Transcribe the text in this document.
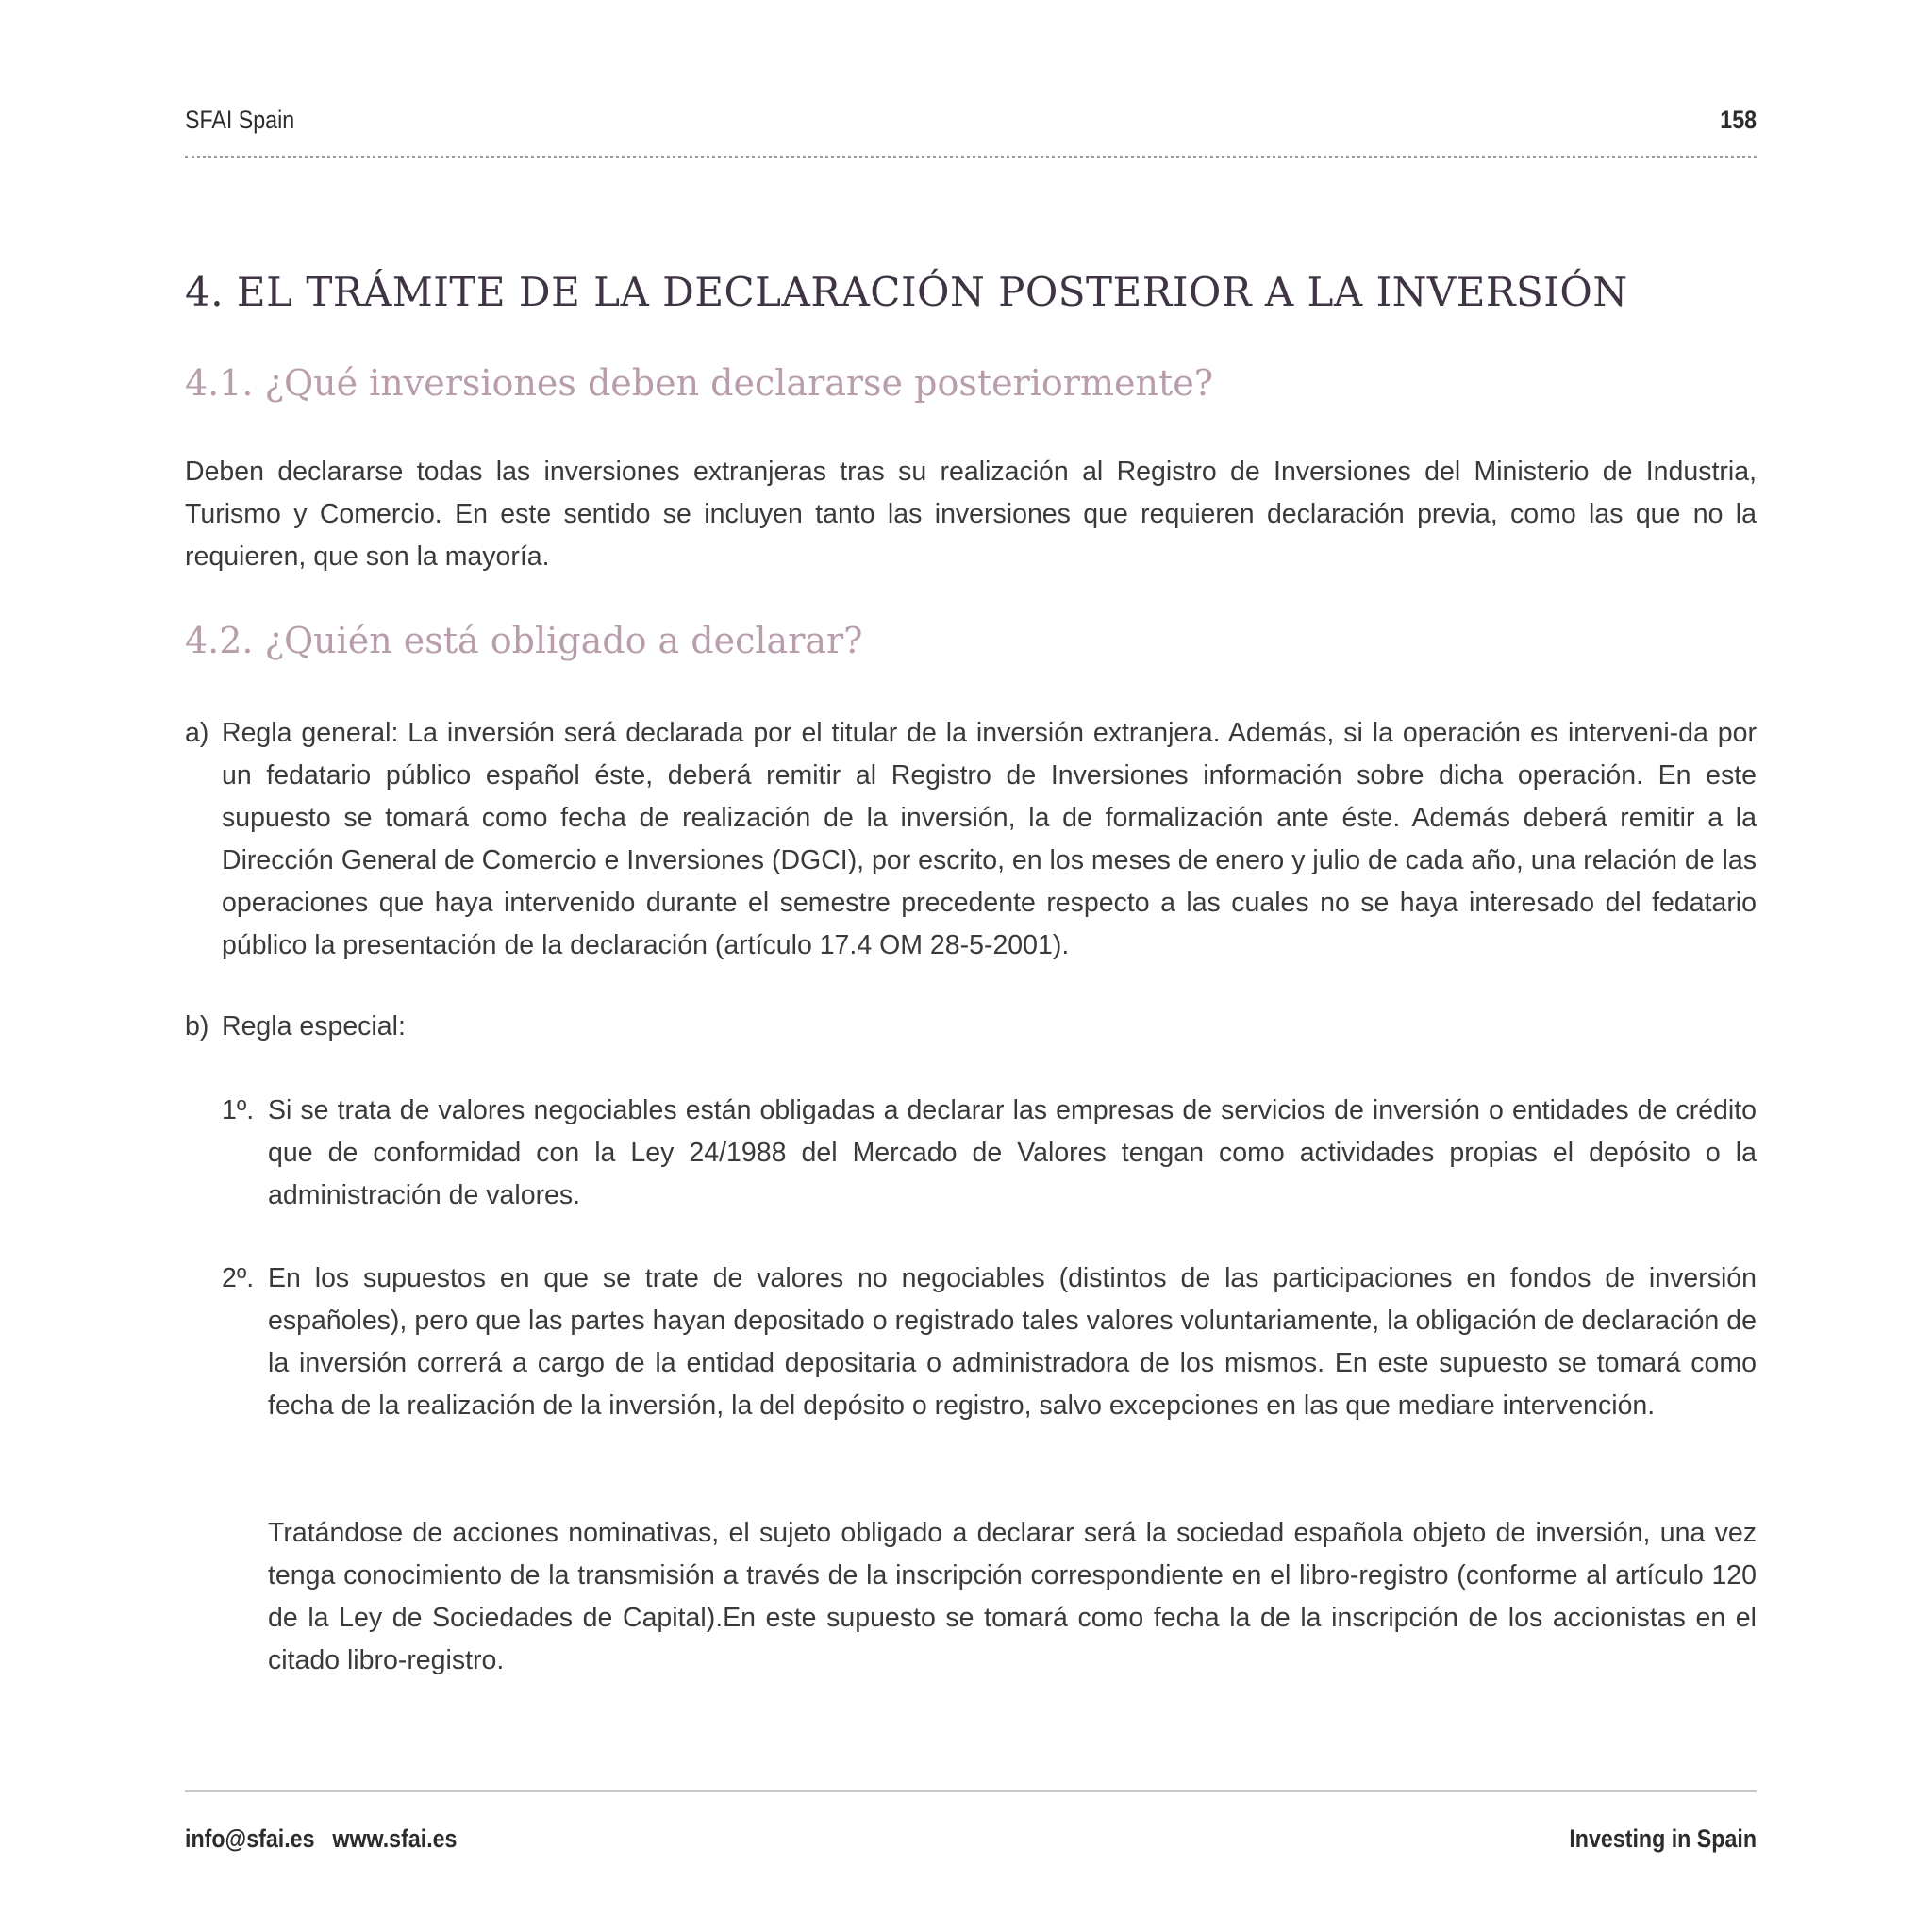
SFAI Spain	158
4. EL TRÁMITE DE LA DECLARACIÓN POSTERIOR A LA INVERSIÓN
4.1. ¿Qué inversiones deben declararse posteriormente?

Deben declararse todas las inversiones extranjeras tras su realización al Registro de Inversiones del Ministerio de Industria, Turismo y Comercio. En este sentido se incluyen tanto las inversiones que requieren declaración previa, como las que no la requieren, que son la mayoría.

4.2. ¿Quién está obligado a declarar?
a) Regla general: La inversión será declarada por el titular de la inversión extranjera. Además, si la operación es interveni-da por un fedatario público español éste, deberá remitir al Registro de Inversiones información sobre dicha operación. En este supuesto se tomará como fecha de realización de la inversión, la de formalización ante éste. Además deberá remitir a la Dirección General de Comercio e Inversiones (DGCI), por escrito, en los meses de enero y julio de cada año, una relación de las operaciones que haya intervenido durante el semestre precedente respecto a las cuales no se haya interesado del fedatario público la presentación de la declaración (artículo 17.4 OM 28-5-2001).

b) Regla especial:

1º. Si se trata de valores negociables están obligadas a declarar las empresas de servicios de inversión o entidades de crédito que de conformidad con la Ley 24/1988 del Mercado de Valores tengan como actividades propias el depósito o la administración de valores.

2º. En los supuestos en que se trate de valores no negociables (distintos de las participaciones en fondos de inversión españoles), pero que las partes hayan depositado o registrado tales valores voluntariamente, la obligación de declaración de la inversión correrá a cargo de la entidad depositaria o administradora de los mismos. En este supuesto se tomará como fecha de la realización de la inversión, la del depósito o registro, salvo excepciones en las que mediare intervención.

Tratándose de acciones nominativas, el sujeto obligado a declarar será la sociedad española objeto de inversión, una vez tenga conocimiento de la transmisión a través de la inscripción correspondiente en el libro-registro (conforme al artículo 120 de la Ley de Sociedades de Capital).En este supuesto se tomará como fecha la de la inscripción de los accionistas en el citado libro-registro.

info@sfai.es www.sfai.es	Investing in Spain
